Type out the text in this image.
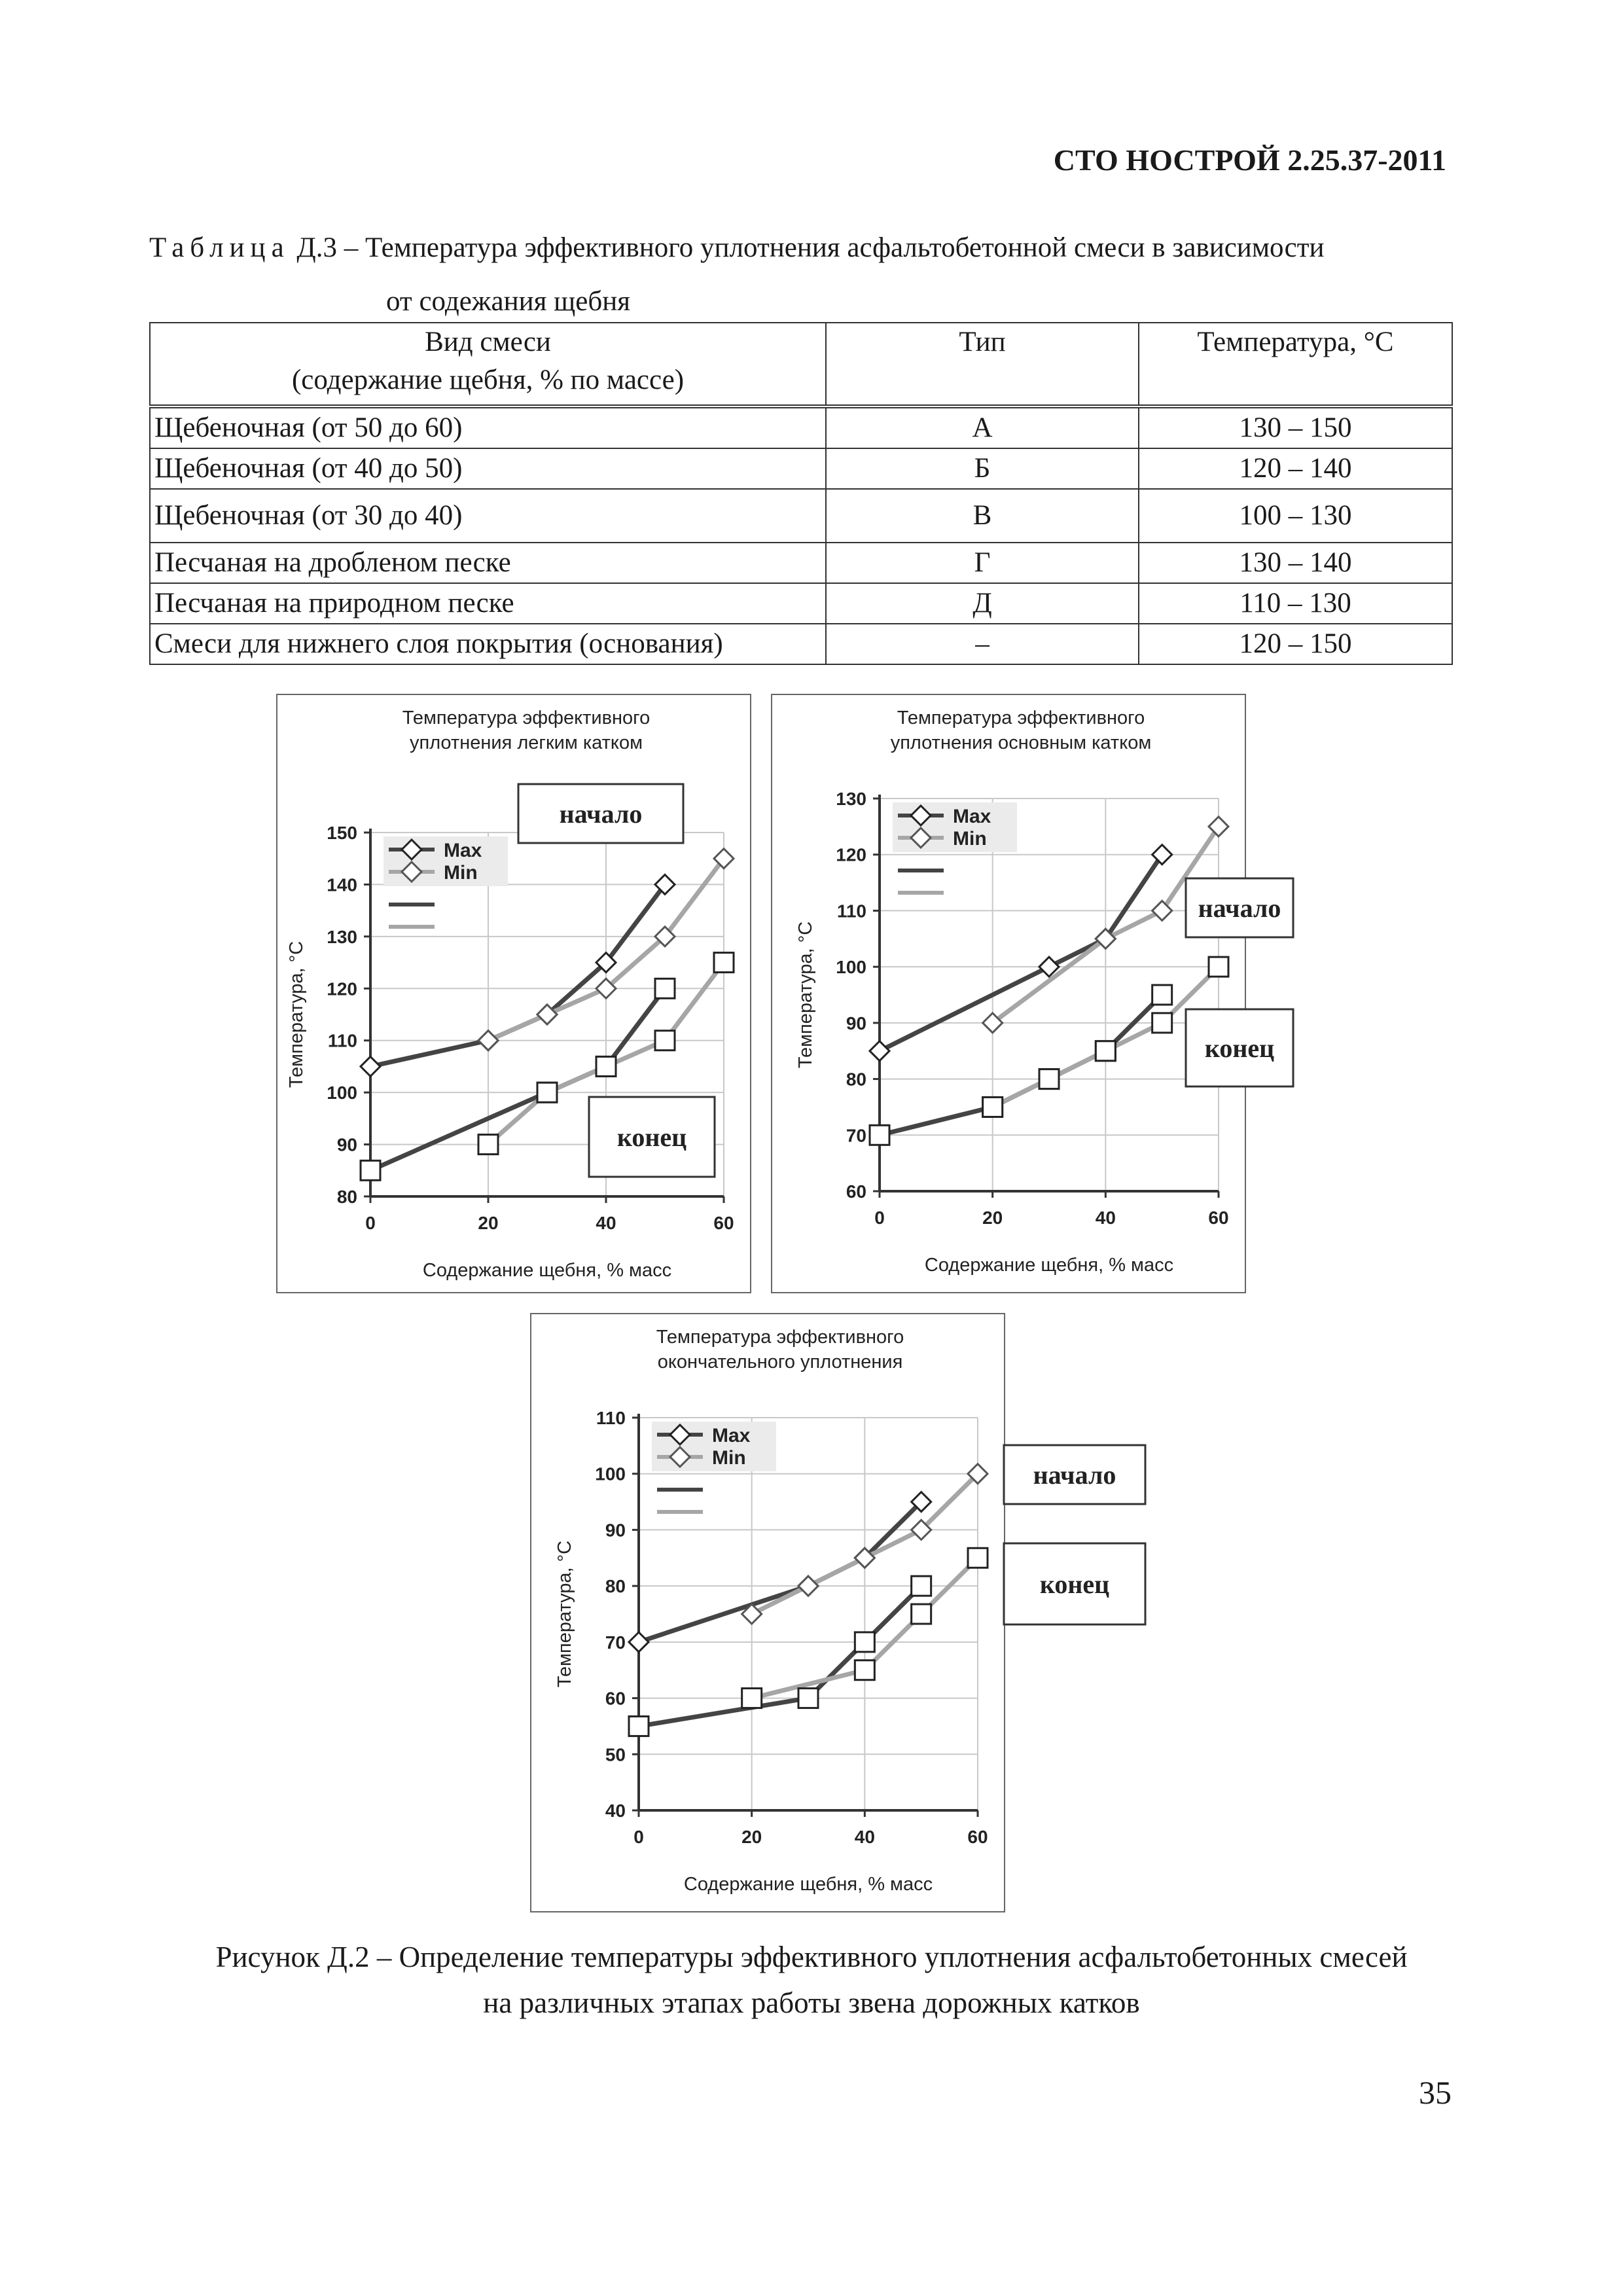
СТО НОСТРОЙ 2.25.37-2011
Таблица Д.3 – Температура эффективного уплотнения асфальтобетонной смеси в зависимости
от содежания щебня
Вид смеси
(содержание щебня, % по массе)	Тип	Температура, °С
Щебеночная (от 50 до 60)	А	130 – 150
Щебеночная (от 40 до 50)	Б	120 – 140
Щебеночная (от 30 до 40)	В	100 – 130
Песчаная на дробленом песке	Г	130 – 140
Песчаная на природном песке	Д	110 – 130
Смеси для нижнего слоя покрытия (основания)	–	120 – 150
Температура эффективного
уплотнения легким катком
80
90
100
110
120
130
140
150
0	20	40	60
Содержание щебня, % масс
Температура, °С
Max
Min
начало
конец
Температура эффективного
уплотнения основным катком
60
70
80
90
100
110
120
130
0	20	40	60
Содержание щебня, % масс
Температура, °С
Max
Min
начало
конец
Температура эффективного
окончательного уплотнения
40
50
60
70
80
90
100
110
0	20	40	60
Содержание щебня, % масс
Температура, °С
Max
Min
начало
конец
Рисунок Д.2 – Определение температуры эффективного уплотнения асфальтобетонных смесей
на различных этапах работы звена дорожных катков
35
